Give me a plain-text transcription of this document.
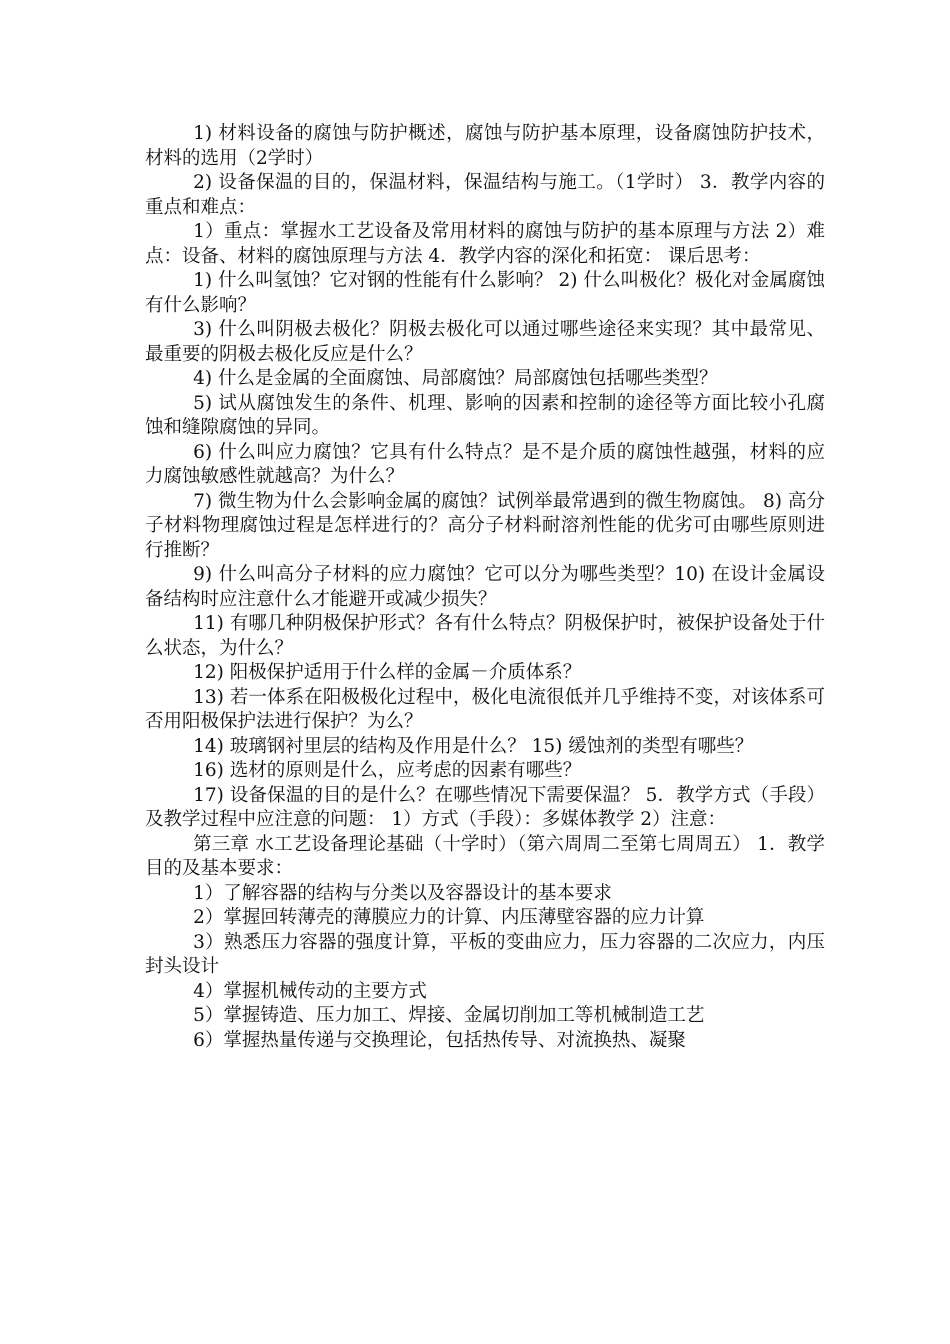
1) 材料设备的腐蚀与防护概述，腐蚀与防护基本原理，设备腐蚀防护技术，材料的选用（2学时）

2) 设备保温的目的，保温材料，保温结构与施工。（1学时） 3．教学内容的重点和难点：

1）重点：掌握水工艺设备及常用材料的腐蚀与防护的基本原理与方法 2）难点：设备、材料的腐蚀原理与方法 4．教学内容的深化和拓宽： 课后思考：

1) 什么叫氢蚀？它对钢的性能有什么影响？ 2) 什么叫极化？极化对金属腐蚀有什么影响？

3) 什么叫阴极去极化？阴极去极化可以通过哪些途径来实现？其中最常见、最重要的阴极去极化反应是什么？

4) 什么是金属的全面腐蚀、局部腐蚀？局部腐蚀包括哪些类型？

5) 试从腐蚀发生的条件、机理、影响的因素和控制的途径等方面比较小孔腐蚀和缝隙腐蚀的异同。

6) 什么叫应力腐蚀？它具有什么特点？是不是介质的腐蚀性越强，材料的应力腐蚀敏感性就越高？为什么？

7) 微生物为什么会影响金属的腐蚀？试例举最常遇到的微生物腐蚀。 8) 高分子材料物理腐蚀过程是怎样进行的？高分子材料耐溶剂性能的优劣可由哪些原则进行推断？

9) 什么叫高分子材料的应力腐蚀？它可以分为哪些类型？10) 在设计金属设备结构时应注意什么才能避开或减少损失？

11) 有哪几种阴极保护形式？各有什么特点？阴极保护时，被保护设备处于什么状态，为什么？

12) 阳极保护适用于什么样的金属－介质体系？

13) 若一体系在阳极极化过程中，极化电流很低并几乎维持不变，对该体系可否用阳极保护法进行保护？为么？

14) 玻璃钢衬里层的结构及作用是什么？ 15) 缓蚀剂的类型有哪些？

16) 选材的原则是什么，应考虑的因素有哪些？

17) 设备保温的目的是什么？在哪些情况下需要保温？ 5．教学方式（手段）及教学过程中应注意的问题： 1）方式（手段）：多媒体教学 2）注意：

第三章 水工艺设备理论基础（十学时）（第六周周二至第七周周五） 1．教学目的及基本要求：

1）了解容器的结构与分类以及容器设计的基本要求

2）掌握回转薄壳的薄膜应力的计算、内压薄壁容器的应力计算

3）熟悉压力容器的强度计算，平板的变曲应力，压力容器的二次应力，内压封头设计

4）掌握机械传动的主要方式

5）掌握铸造、压力加工、焊接、金属切削加工等机械制造工艺

6）掌握热量传递与交换理论，包括热传导、对流换热、凝聚
